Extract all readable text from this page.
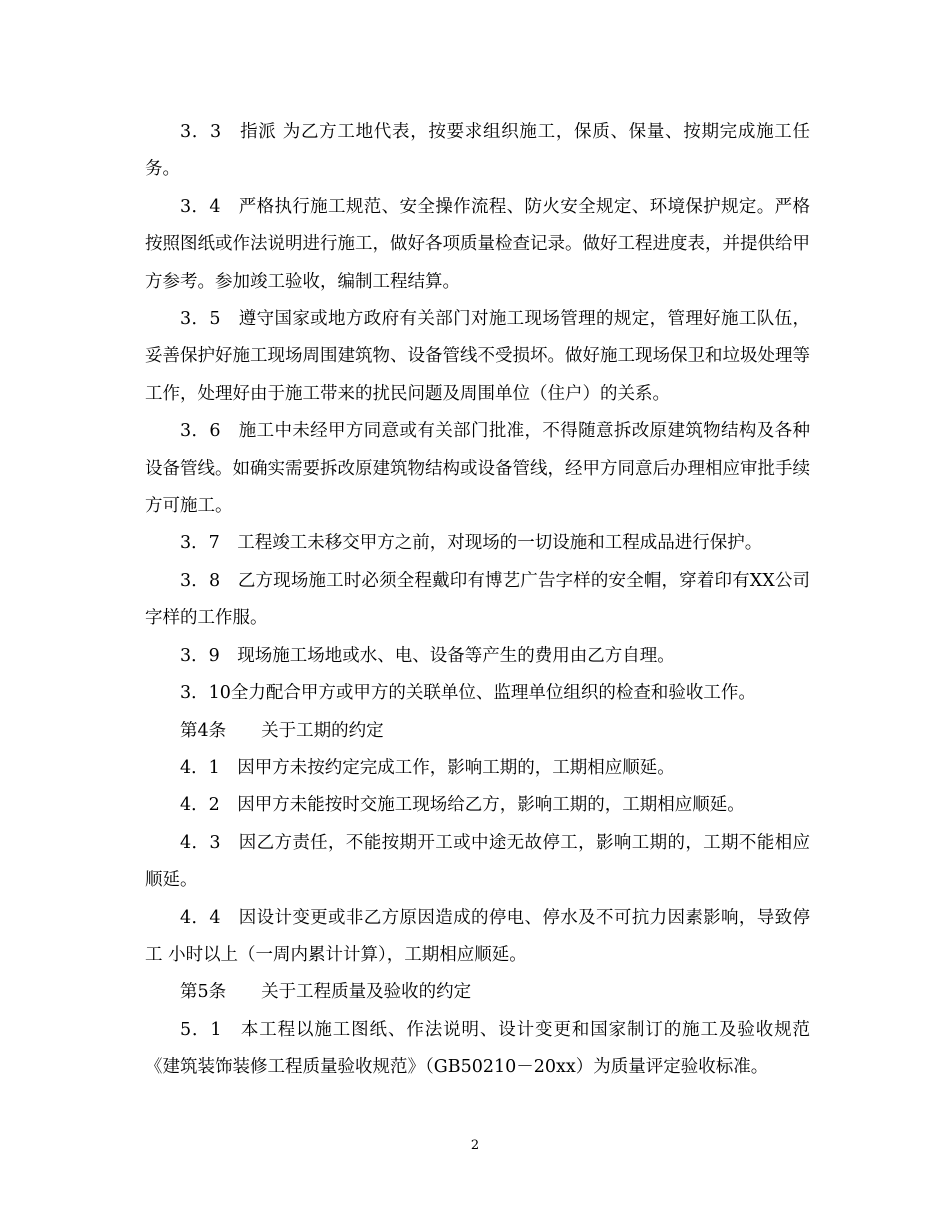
3．3　指派 为乙方工地代表，按要求组织施工，保质、保量、按期完成施工任务。

3．4　严格执行施工规范、安全操作流程、防火安全规定、环境保护规定。严格按照图纸或作法说明进行施工，做好各项质量检查记录。做好工程进度表，并提供给甲方参考。参加竣工验收，编制工程结算。

3．5　遵守国家或地方政府有关部门对施工现场管理的规定，管理好施工队伍，妥善保护好施工现场周围建筑物、设备管线不受损坏。做好施工现场保卫和垃圾处理等工作，处理好由于施工带来的扰民问题及周围单位（住户）的关系。

3．6　施工中未经甲方同意或有关部门批准，不得随意拆改原建筑物结构及各种设备管线。如确实需要拆改原建筑物结构或设备管线，经甲方同意后办理相应审批手续方可施工。

3．7　工程竣工未移交甲方之前，对现场的一切设施和工程成品进行保护。

3．8　乙方现场施工时必须全程戴印有博艺广告字样的安全帽，穿着印有XX公司字样的工作服。

3．9　现场施工场地或水、电、设备等产生的费用由乙方自理。

3．10全力配合甲方或甲方的关联单位、监理单位组织的检查和验收工作。

第4条　　关于工期的约定

4．1　因甲方未按约定完成工作，影响工期的，工期相应顺延。

4．2　因甲方未能按时交施工现场给乙方，影响工期的，工期相应顺延。

4．3　因乙方责任，不能按期开工或中途无故停工，影响工期的，工期不能相应顺延。

4．4　因设计变更或非乙方原因造成的停电、停水及不可抗力因素影响，导致停工 小时以上（一周内累计计算），工期相应顺延。

第5条　　关于工程质量及验收的约定

5．1　本工程以施工图纸、作法说明、设计变更和国家制订的施工及验收规范《建筑装饰装修工程质量验收规范》（GB50210－20xx）为质量评定验收标准。

2
